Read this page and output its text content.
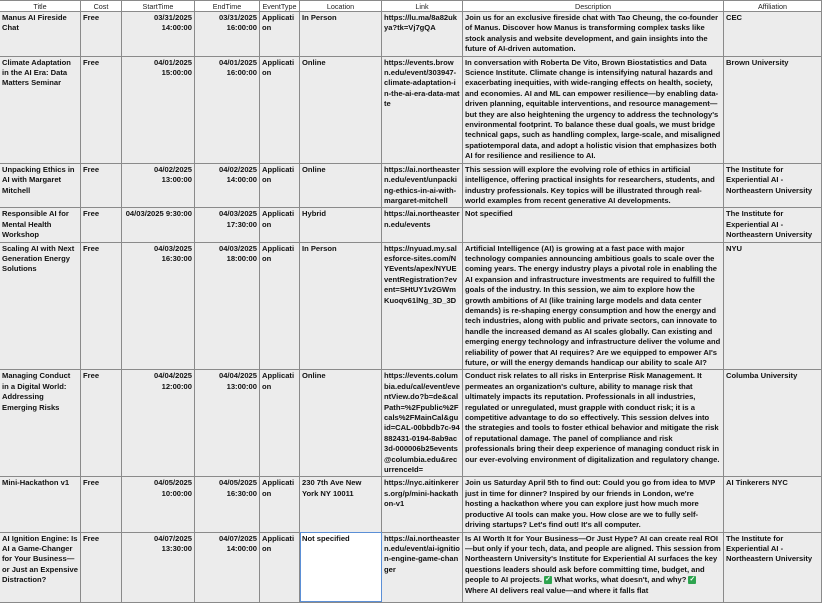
Title	Cost	StartTime	EndTime	EventType	Location	Link	Description	Affiliation
Manus AI Fireside Chat	Free	03/31/2025 14:00:00	03/31/2025 16:00:00	Application	In Person	https://lu.ma/8a82ukya?tk=Vj7gQA	Join us for an exclusive fireside chat with Tao Cheung, the co-founder of Manus. Discover how Manus is transforming complex tasks like stock analysis and website development, and gain insights into the future of AI-driven automation.	CEC
Climate Adaptation in the AI Era: Data Matters Seminar	Free	04/01/2025 15:00:00	04/01/2025 16:00:00	Application	Online	https://events.brown.edu/event/303947-climate-adaptation-in-the-ai-era-data-matte	In conversation with Roberta De Vito, Brown Biostatistics and Data Science Institute. Climate change is intensifying natural hazards and exacerbating inequities, with wide-ranging effects on health, society, and economies. AI and ML can empower resilience—by enabling data-driven planning, equitable interventions, and resource management—but they are also heightening the urgency to address the technology's environmental footprint. To balance these dual goals, we must bridge technical gaps, such as handling complex, large-scale, and misaligned spatiotemporal data, and adopt a holistic vision that emphasizes both AI for resilience and resilience to AI.	Brown University
Unpacking Ethics in AI with Margaret Mitchell	Free	04/02/2025 13:00:00	04/02/2025 14:00:00	Application	Online	https://ai.northeastern.edu/event/unpacking-ethics-in-ai-with-margaret-mitchell	This session will explore the evolving role of ethics in artificial intelligence, offering practical insights for researchers, students, and industry professionals. Key topics will be illustrated through real-world examples from recent generative AI developments.	The Institute for Experiential AI - Northeastern University
Responsible AI for Mental Health Workshop	Free	04/03/2025 9:30:00	04/03/2025 17:30:00	Application	Hybrid	https://ai.northeastern.edu/events	Not specified	The Institute for Experiential AI - Northeastern University
Scaling AI with Next Generation Energy Solutions	Free	04/03/2025 16:30:00	04/03/2025 18:00:00	Application	In Person	https://nyuad.my.salesforce-sites.com/NYEvents/apex/NYUEventRegistration?event=SHtUY1v2GWmKuoqv61lNg_3D_3D	Artificial Intelligence (AI) is growing at a fast pace with major technology companies announcing ambitious goals to scale over the coming years. The energy industry plays a pivotal role in enabling the AI expansion and infrastructure investments are required to fulfill the goals of the industry. In this session, we aim to explore how the growth ambitions of AI (like training large models and data center demands) is re-shaping energy consumption and how the energy and tech industries, along with public and private sectors, can innovate to handle the increased demand as AI scales globally. Can existing and emerging energy technology and infrastructure deliver the volume and reliability of power that AI requires? Are we equipped to empower AI's future, or will the energy demands handicap our ability to scale AI?	NYU
Managing Conduct in a Digital World: Addressing Emerging Risks	Free	04/04/2025 12:00:00	04/04/2025 13:00:00	Application	Online	https://events.columbia.edu/cal/event/eventView.do?b=de&calPath=%2Fpublic%2Fcals%2FMainCal&guid=CAL-00bbdb7c-94882431-0194-8ab9ac3d-000006b25events@columbia.edu&recurrenceId=	Conduct risk relates to all risks in Enterprise Risk Management. It permeates an organization's culture, ability to manage risk that ultimately impacts its reputation. Professionals in all industries, regulated or unregulated, must grapple with conduct risk; it is a competitive advantage to do so effectively. This session delves into the strategies and tools to foster ethical behavior and mitigate the risk of reputational damage. The panel of compliance and risk professionals bring their deep experience of managing conduct risk in our ever-evolving environment of digitalization and regulatory change.	Columba University
Mini-Hackathon v1	Free	04/05/2025 10:00:00	04/05/2025 16:30:00	Application	230 7th Ave New York NY 10011	https://nyc.aitinkerers.org/p/mini-hackathon-v1	Join us Saturday April 5th to find out: Could you go from idea to MVP just in time for dinner? Inspired by our friends in London, we're hosting a hackathon where you can explore just how much more productive AI tools can make you. How close are we to fully self-driving startups? Let's find out! It's all computer.	AI Tinkerers NYC
AI Ignition Engine: Is AI a Game-Changer for Your Business—or Just an Expensive Distraction?	Free	04/07/2025 13:30:00	04/07/2025 14:00:00	Application	Not specified	https://ai.northeastern.edu/event/ai-ignition-engine-game-changer	Is AI Worth It for Your Business—Or Just Hype? AI can create real ROI—but only if your tech, data, and people are aligned. This session from Northeastern University's Institute for Experiential AI surfaces the key questions leaders should ask before committing time, budget, and people to AI projects. ✓ What works, what doesn't, and why? ✓ Where AI delivers real value—and where it falls flat	The Institute for Experiential AI - Northeastern University
